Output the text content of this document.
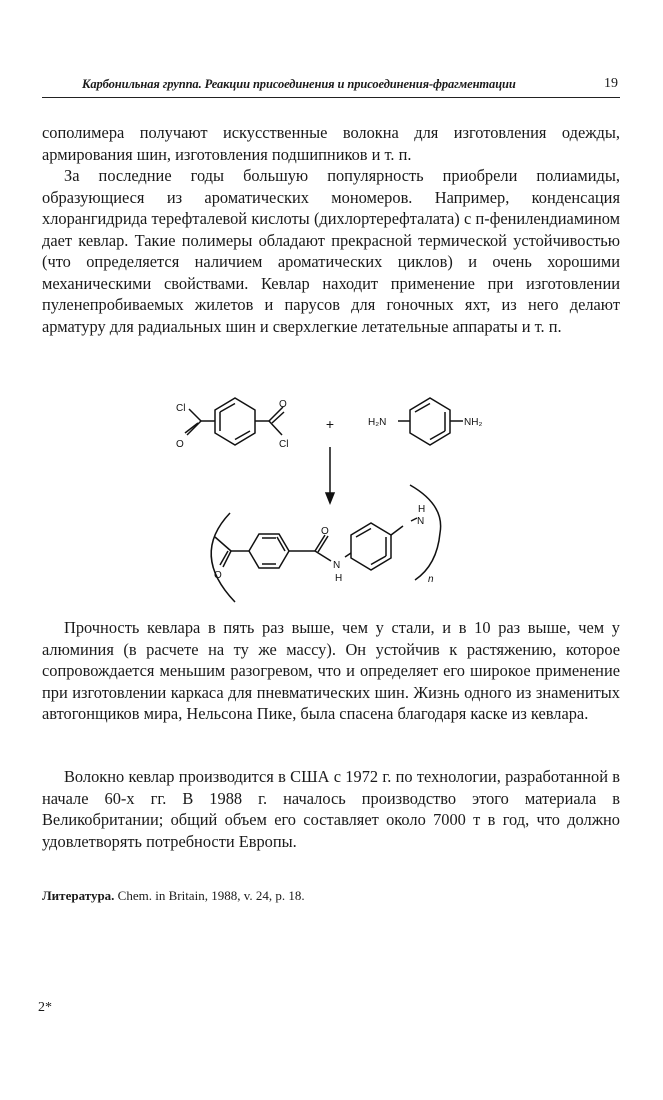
Карбонильная группа. Реакции присоединения и присоединения-фрагментации	19

сополимера получают искусственные волокна для изготовления одежды, армирования шин, изготовления подшипников и т. п.

За последние годы большую популярность приобрели полиамиды, образующиеся из ароматических мономеров. Например, конденсация хлорангидрида терефталевой кислоты (дихлортерефталата) с п-фенилендиамином дает кевлар. Такие полимеры обладают прекрасной термической устойчивостью (что определяется наличием ароматических циклов) и очень хорошими механическими свойствами. Кевлар находит применение при изготовлении пуленепробиваемых жилетов и парусов для гоночных яхт, из него делают арматуру для радиальных шин и сверхлегкие летательные аппараты и т. п.

+
Cl
O
O
Cl
H₂N	NH₂
O
O
N
H
H
N
n

Прочность кевлара в пять раз выше, чем у стали, и в 10 раз выше, чем у алюминия (в расчете на ту же массу). Он устойчив к растяжению, которое сопровождается меньшим разогревом, что и определяет его широкое применение при изготовлении каркаса для пневматических шин. Жизнь одного из знаменитых автогонщиков мира, Нельсона Пике, была спасена благодаря каске из кевлара.

Волокно кевлар производится в США с 1972 г. по технологии, разработанной в начале 60-х гг. В 1988 г. началось производство этого материала в Великобритании; общий объем его составляет около 7000 т в год, что должно удовлетворять потребности Европы.

Литература. Chem. in Britain, 1988, v. 24, p. 18.
2*
